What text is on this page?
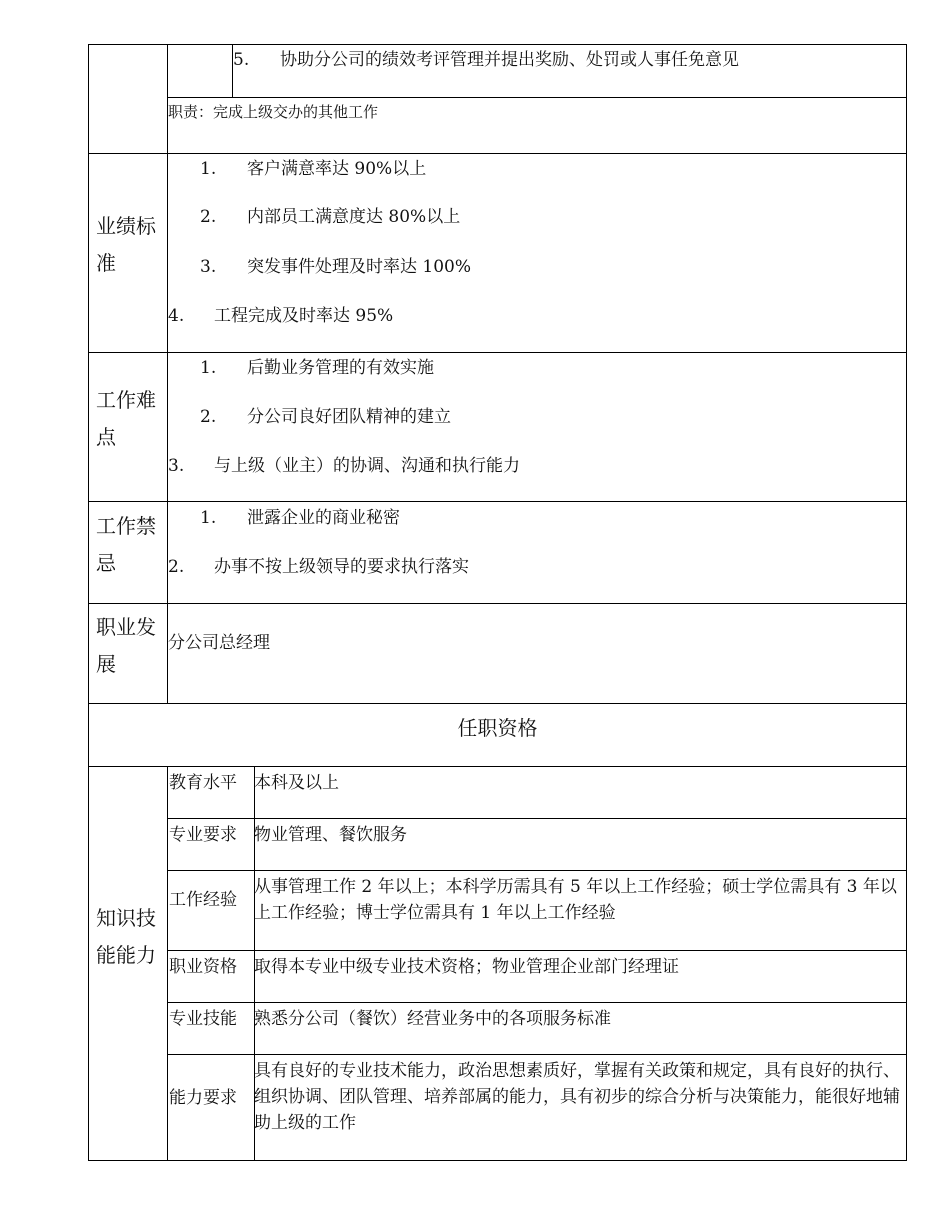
5. 协助分公司的绩效考评管理并提出奖励、处罚或人事任免意见
职责：完成上级交办的其他工作
业绩标准
1. 客户满意率达 90%以上
2. 内部员工满意度达 80%以上
3. 突发事件处理及时率达 100%
4. 工程完成及时率达 95%
工作难点
1. 后勤业务管理的有效实施
2. 分公司良好团队精神的建立
3. 与上级（业主）的协调、沟通和执行能力
工作禁忌
1. 泄露企业的商业秘密
2. 办事不按上级领导的要求执行落实
职业发展
分公司总经理
任职资格
知识技能能力
教育水平 本科及以上
专业要求 物业管理、餐饮服务
工作经验
从事管理工作 2 年以上；本科学历需具有 5 年以上工作经验；硕士学位需具有 3 年以上工作经验；博士学位需具有 1 年以上工作经验
职业资格 取得本专业中级专业技术资格；物业管理企业部门经理证
专业技能 熟悉分公司（餐饮）经营业务中的各项服务标准
能力要求
具有良好的专业技术能力，政治思想素质好，掌握有关政策和规定，具有良好的执行、组织协调、团队管理、培养部属的能力，具有初步的综合分析与决策能力，能很好地辅助上级的工作
